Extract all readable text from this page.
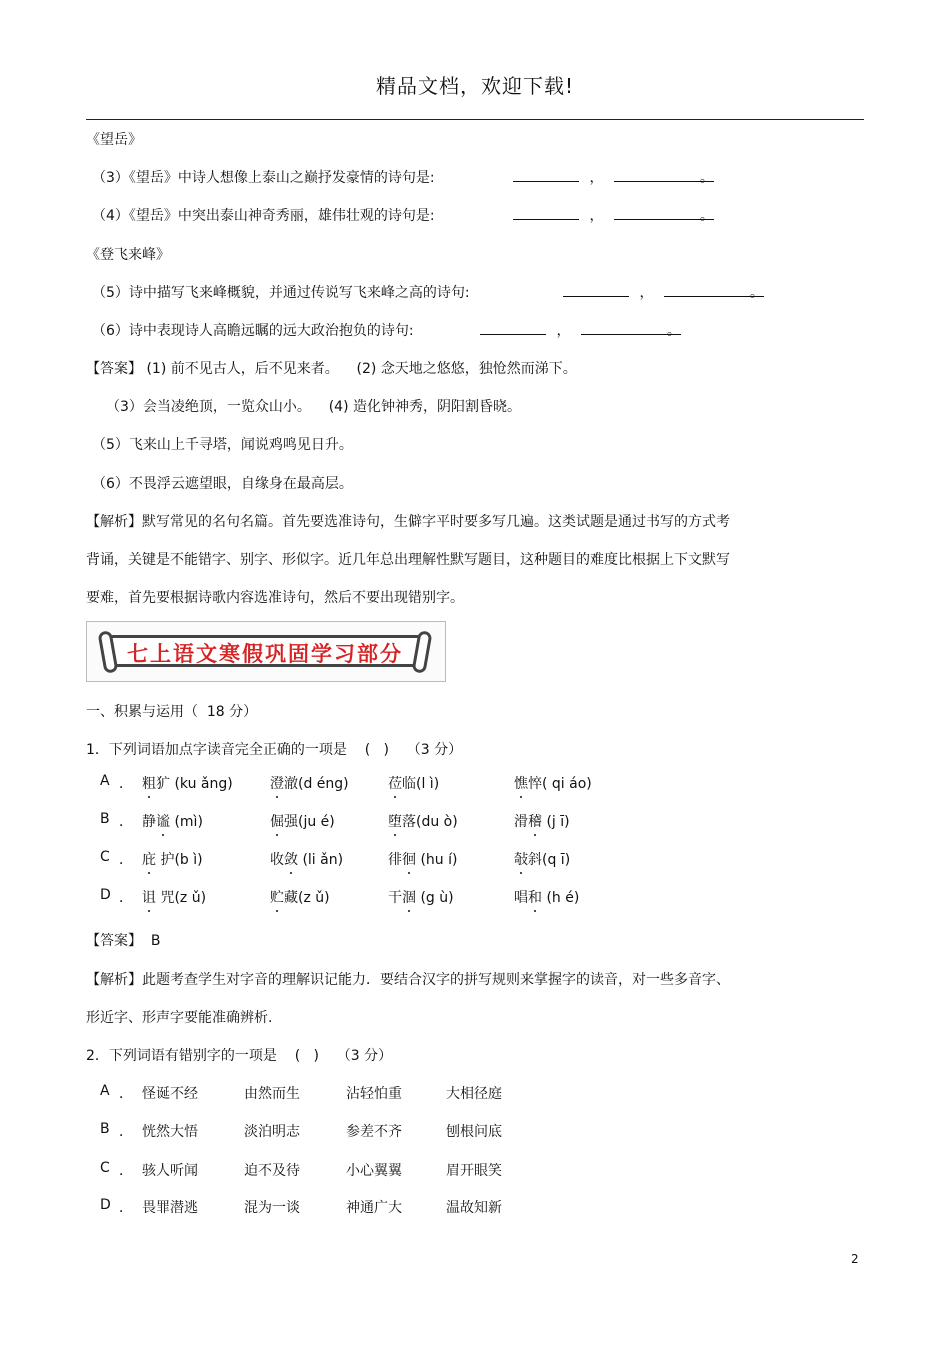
精品文档，欢迎下载!
《望岳》
（3）《望岳》中诗人想像上泰山之巅抒发豪情的诗句是:	，	。
（4）《望岳》中突出泰山神奇秀丽，雄伟壮观的诗句是:	，	。
《登飞来峰》
（5）诗中描写飞来峰概貌，并通过传说写飞来峰之高的诗句:	，	。
（6）诗中表现诗人高瞻远瞩的远大政治抱负的诗句:	，	。
【答案】 (1) 前不见古人，后不见来者。    (2) 念天地之悠悠，独怆然而涕下。
（3）会当凌绝顶，一览众山小。    (4) 造化钟神秀，阴阳割昏晓。
（5）飞来山上千寻塔，闻说鸡鸣见日升。
（6）不畏浮云遮望眼，自缘身在最高层。
【解析】默写常见的名句名篇。首先要选准诗句，生僻字平时要多写几遍。这类试题是通过书写的方式考
背诵，关键是不能错字、别字、形似字。近几年总出理解性默写题目，这种题目的难度比根据上下文默写
要难，首先要根据诗歌内容选准诗句，然后不要出现错别字。
七上语文寒假巩固学习部分
一、积累与运用（  18 分）
1．下列词语加点字读音完全正确的一项是    (   )    （3 分）
A ． 粗犷 (ku ǎng)	澄澈(d éng)	莅临(l ì)	憔悴( qi áo)
B ． 静谧 (mì)	倔强(ju é)	堕落(du ò)	滑稽 (j ī)
C ． 庇 护(b ì)	收敛 (li ǎn)	徘徊 (hu í)	敧斜(q ī)
D ． 诅 咒(z ǔ)	贮藏(z ǔ)	干涸 (g ù)	唱和 (h é)
【答案】  B
【解析】此题考查学生对字音的理解识记能力．要结合汉字的拼写规则来掌握字的读音，对一些多音字、
形近字、形声字要能准确辨析.
2．下列词语有错别字的一项是    (   )    （3 分）
A ． 怪诞不经	由然而生	沾轻怕重	大相径庭
B ． 恍然大悟	淡泊明志	参差不齐	刨根问底
C ． 骇人听闻	迫不及待	小心翼翼	眉开眼笑
D ． 畏罪潜逃	混为一谈	神通广大	温故知新
2
